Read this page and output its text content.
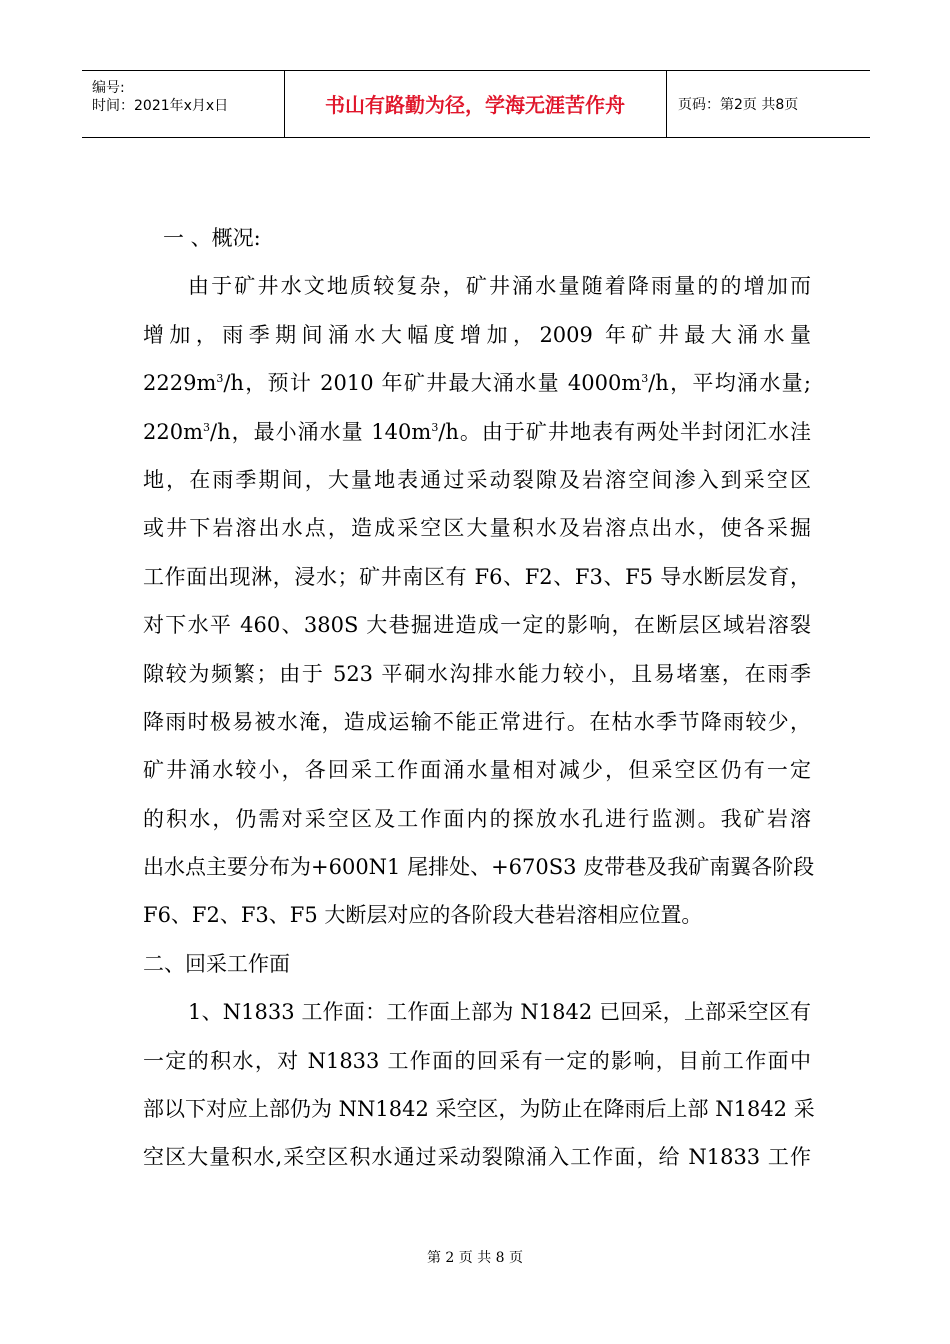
编号:
时间：2021年x月x日	书山有路勤为径，学海无涯苦作舟	页码：第2页 共8页
一 、概况:
由于矿井水文地质较复杂，矿井涌水量随着降雨量的的增加而
增加，雨季期间涌水大幅度增加，2009 年矿井最大涌水量
$2229m^3/h$，预计 2010 年矿井最大涌水量 $4000m^3/h$，平均涌水量;
$220m^3/h$，最小涌水量 $140m^3/h$。由于矿井地表有两处半封闭汇水洼
地，在雨季期间，大量地表通过采动裂隙及岩溶空间渗入到采空区
或井下岩溶出水点，造成采空区大量积水及岩溶点出水，使各采掘
工作面出现淋，浸水；矿井南区有 F6、F2、F3、F5 导水断层发育，
对下水平 460、380S 大巷掘进造成一定的影响，在断层区域岩溶裂
隙较为频繁；由于 523 平硐水沟排水能力较小，且易堵塞，在雨季
降雨时极易被水淹，造成运输不能正常进行。在枯水季节降雨较少，
矿井涌水较小，各回采工作面涌水量相对减少，但采空区仍有一定
的积水，仍需对采空区及工作面内的探放水孔进行监测。我矿岩溶
出水点主要分布为+600N1 尾排处、+670S3 皮带巷及我矿南翼各阶段
F6、F2、F3、F5 大断层对应的各阶段大巷岩溶相应位置。
二、回采工作面
1、N1833 工作面：工作面上部为 N1842 已回采，上部采空区有
一定的积水，对 N1833 工作面的回采有一定的影响，目前工作面中
部以下对应上部仍为 NN1842 采空区，为防止在降雨后上部 N1842 采
空区大量积水,采空区积水通过采动裂隙涌入工作面，给 N1833 工作
第 2 页 共 8 页
